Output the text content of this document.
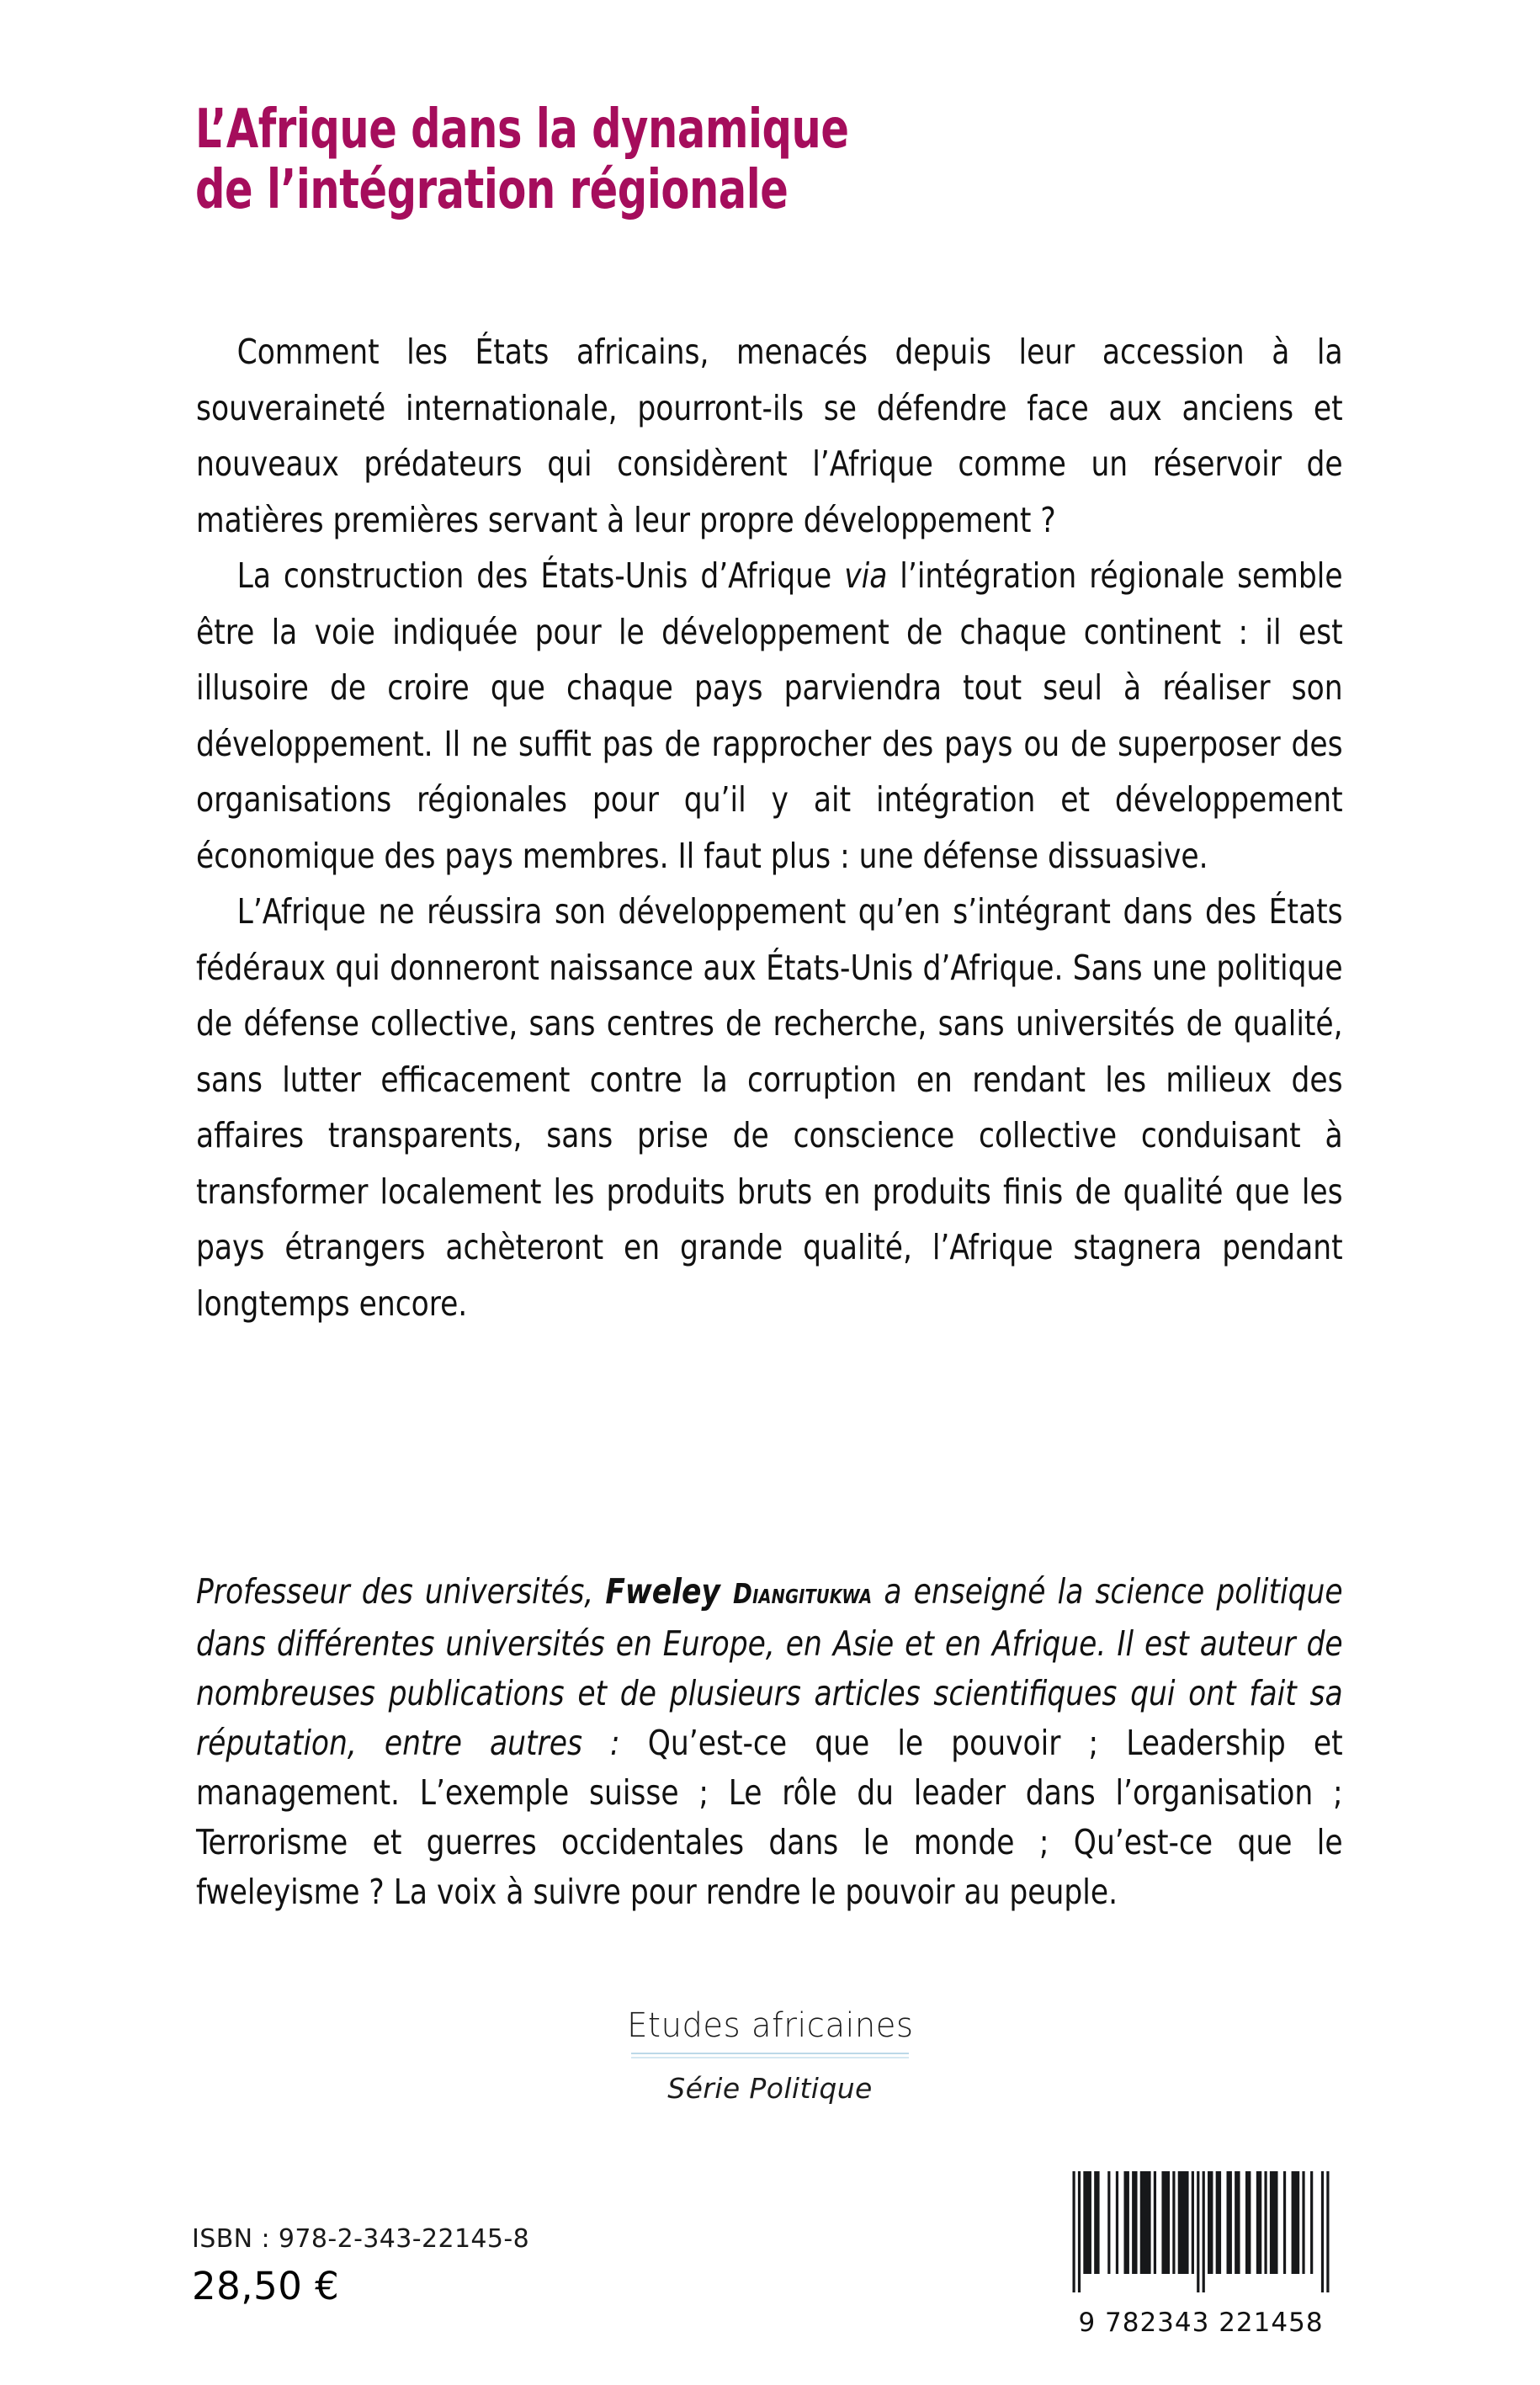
L’Afrique dans la dynamique
de l’intégration régionale

Comment les États africains, menacés depuis leur accession à la souveraineté internationale, pourront-ils se défendre face aux anciens et nouveaux prédateurs qui considèrent l’Afrique comme un réservoir de matières premières servant à leur propre développement ?

La construction des États-Unis d’Afrique via l’intégration régionale semble être la voie indiquée pour le développement de chaque continent : il est illusoire de croire que chaque pays parviendra tout seul à réaliser son développement. Il ne suffit pas de rapprocher des pays ou de superposer des organisations régionales pour qu’il y ait intégration et développement économique des pays membres. Il faut plus : une défense dissuasive.

L’Afrique ne réussira son développement qu’en s’intégrant dans des États fédéraux qui donneront naissance aux États-Unis d’Afrique. Sans une politique de défense collective, sans centres de recherche, sans universités de qualité, sans lutter efficacement contre la corruption en rendant les milieux des affaires transparents, sans prise de conscience collective conduisant à transformer localement les produits bruts en produits finis de qualité que les pays étrangers achèteront en grande qualité, l’Afrique stagnera pendant longtemps encore.

Professeur des universités, Fweley Diangitukwa a enseigné la science politique dans différentes universités en Europe, en Asie et en Afrique. Il est auteur de nombreuses publications et de plusieurs articles scientifiques qui ont fait sa réputation, entre autres : Qu’est-ce que le pouvoir ; Leadership et management. L’exemple suisse ; Le rôle du leader dans l’organisation ; Terrorisme et guerres occidentales dans le monde ; Qu’est-ce que le fweleyisme ? La voix à suivre pour rendre le pouvoir au peuple.

Etudes africaines
Série Politique
ISBN : 978-2-343-22145-8
28,50 €
9 782343 221458
